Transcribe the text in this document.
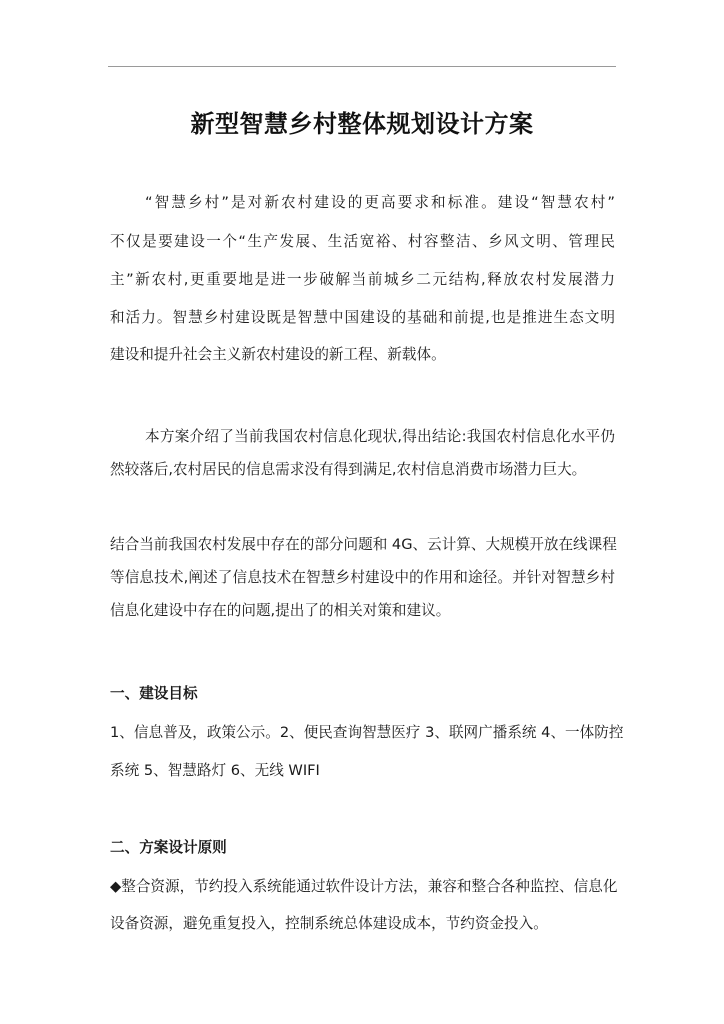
新型智慧乡村整体规划设计方案
“智慧乡村”是对新农村建设的更高要求和标准。建设“智慧农村”
不仅是要建设一个“生产发展、生活宽裕、村容整洁、乡风文明、管理民
主”新农村,更重要地是进一步破解当前城乡二元结构,释放农村发展潜力
和活力。智慧乡村建设既是智慧中国建设的基础和前提,也是推进生态文明
建设和提升社会主义新农村建设的新工程、新载体。
本方案介绍了当前我国农村信息化现状,得出结论:我国农村信息化水平仍
然较落后,农村居民的信息需求没有得到满足,农村信息消费市场潜力巨大。
结合当前我国农村发展中存在的部分问题和 4G、云计算、大规模开放在线课程
等信息技术,阐述了信息技术在智慧乡村建设中的作用和途径。并针对智慧乡村
信息化建设中存在的问题,提出了的相关对策和建议。
一、建设目标
1、信息普及，政策公示。2、便民查询智慧医疗 3、联网广播系统 4、一体防控
系统 5、智慧路灯 6、无线 WIFI
二、方案设计原则
◆整合资源，节约投入系统能通过软件设计方法，兼容和整合各种监控、信息化
设备资源，避免重复投入，控制系统总体建设成本，节约资金投入。
